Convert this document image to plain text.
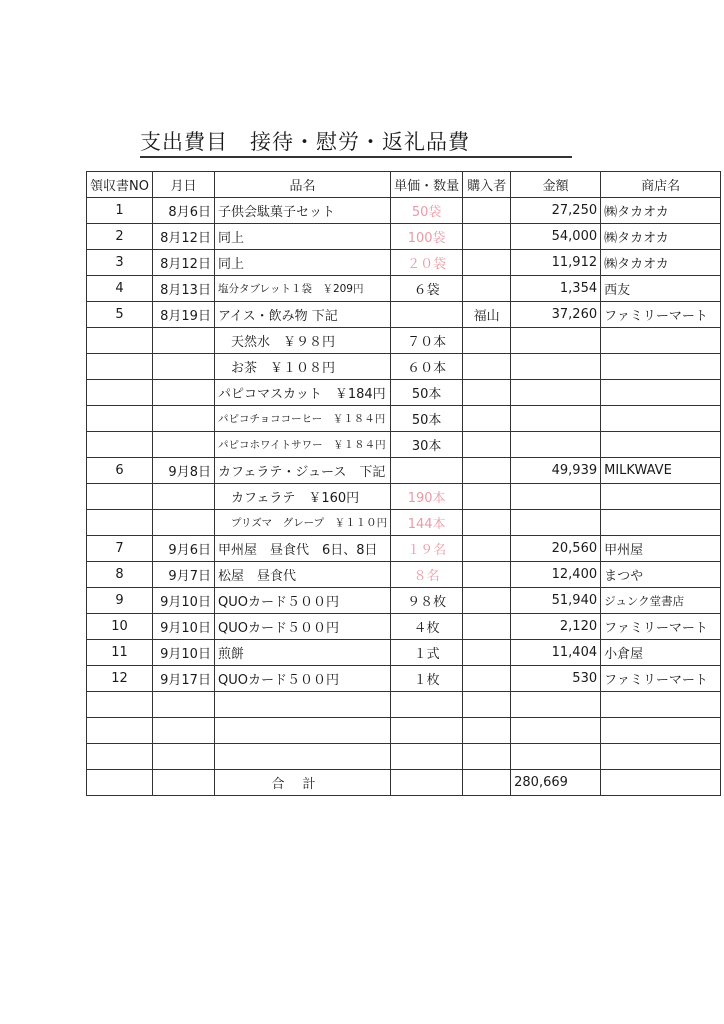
支出費目　接待・慰労・返礼品費
領収書NO	月日	品名	単価・数量	購入者	金額	商店名
1	8月6日	子供会駄菓子セット	50袋		27,250	㈱タカオカ
2	8月12日	同上	100袋		54,000	㈱タカオカ
3	8月12日	同上	２０袋		11,912	㈱タカオカ
4	8月13日	塩分タブレット１袋　￥209円	６袋		1,354	西友
5	8月19日	アイス・飲み物 下記		福山	37,260	ファミリーマート
		天然水　￥９８円	７０本			
		お茶　￥１０８円	６０本			
		パピコマスカット　￥184円	50本			
		パピコチョココーヒー　￥１８４円	50本			
		パピコホワイトサワー　￥１８４円	30本			
6	9月8日	カフェラテ・ジュース　下記			49,939	MILKWAVE
		カフェラテ　￥160円	190本			
		プリズマ　グレープ　￥１１０円	144本			
7	9月6日	甲州屋　昼食代　6日、8日	１９名		20,560	甲州屋
8	9月7日	松屋　昼食代	８名		12,400	まつや
9	9月10日	QUOカード５００円	９８枚		51,940	ジュンク堂書店
10	9月10日	QUOカード５００円	４枚		2,120	ファミリーマート
11	9月10日	煎餅	１式		11,404	小倉屋
12	9月17日	QUOカード５００円	１枚		530	ファミリーマート

		合計			280,669	
